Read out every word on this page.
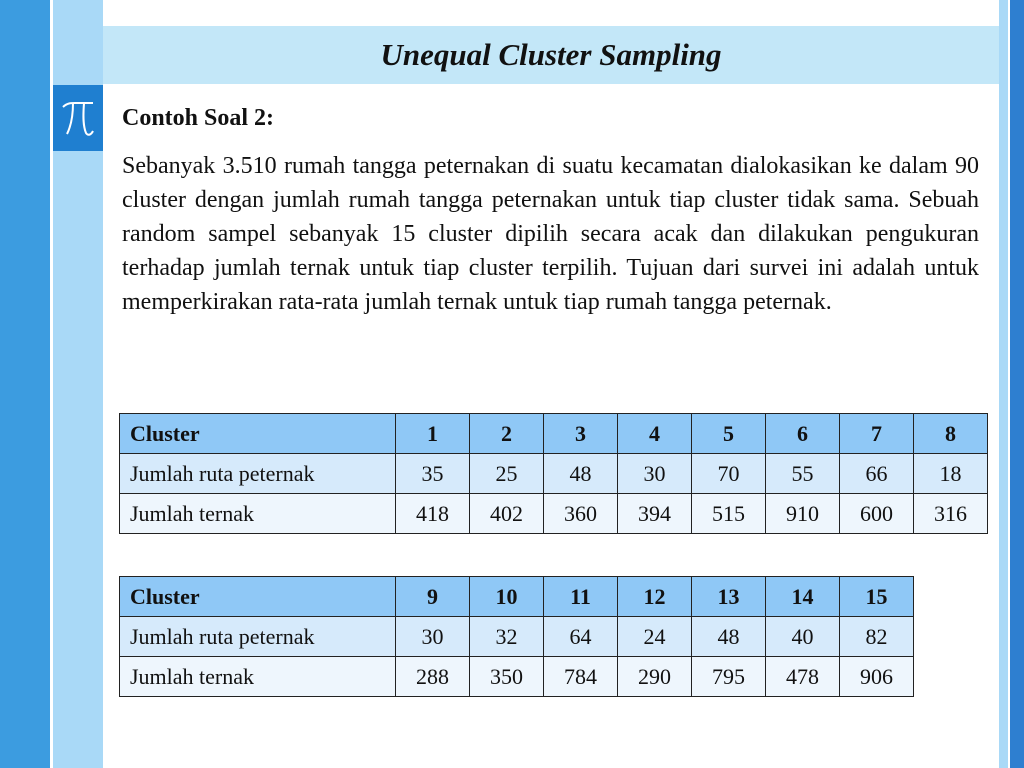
Unequal Cluster Sampling

Contoh Soal 2:

Sebanyak 3.510 rumah tangga peternakan di suatu kecamatan dialokasikan ke dalam 90 cluster dengan jumlah rumah tangga peternakan untuk tiap cluster tidak sama. Sebuah random sampel sebanyak 15 cluster dipilih secara acak dan dilakukan pengukuran terhadap jumlah ternak untuk tiap cluster terpilih. Tujuan dari survei ini adalah untuk memperkirakan rata-rata jumlah ternak untuk tiap rumah tangga peternak.

Cluster	1	2	3	4	5	6	7	8
Jumlah ruta peternak	35	25	48	30	70	55	66	18
Jumlah ternak	418	402	360	394	515	910	600	316
Cluster	9	10	11	12	13	14	15
Jumlah ruta peternak	30	32	64	24	48	40	82
Jumlah ternak	288	350	784	290	795	478	906
